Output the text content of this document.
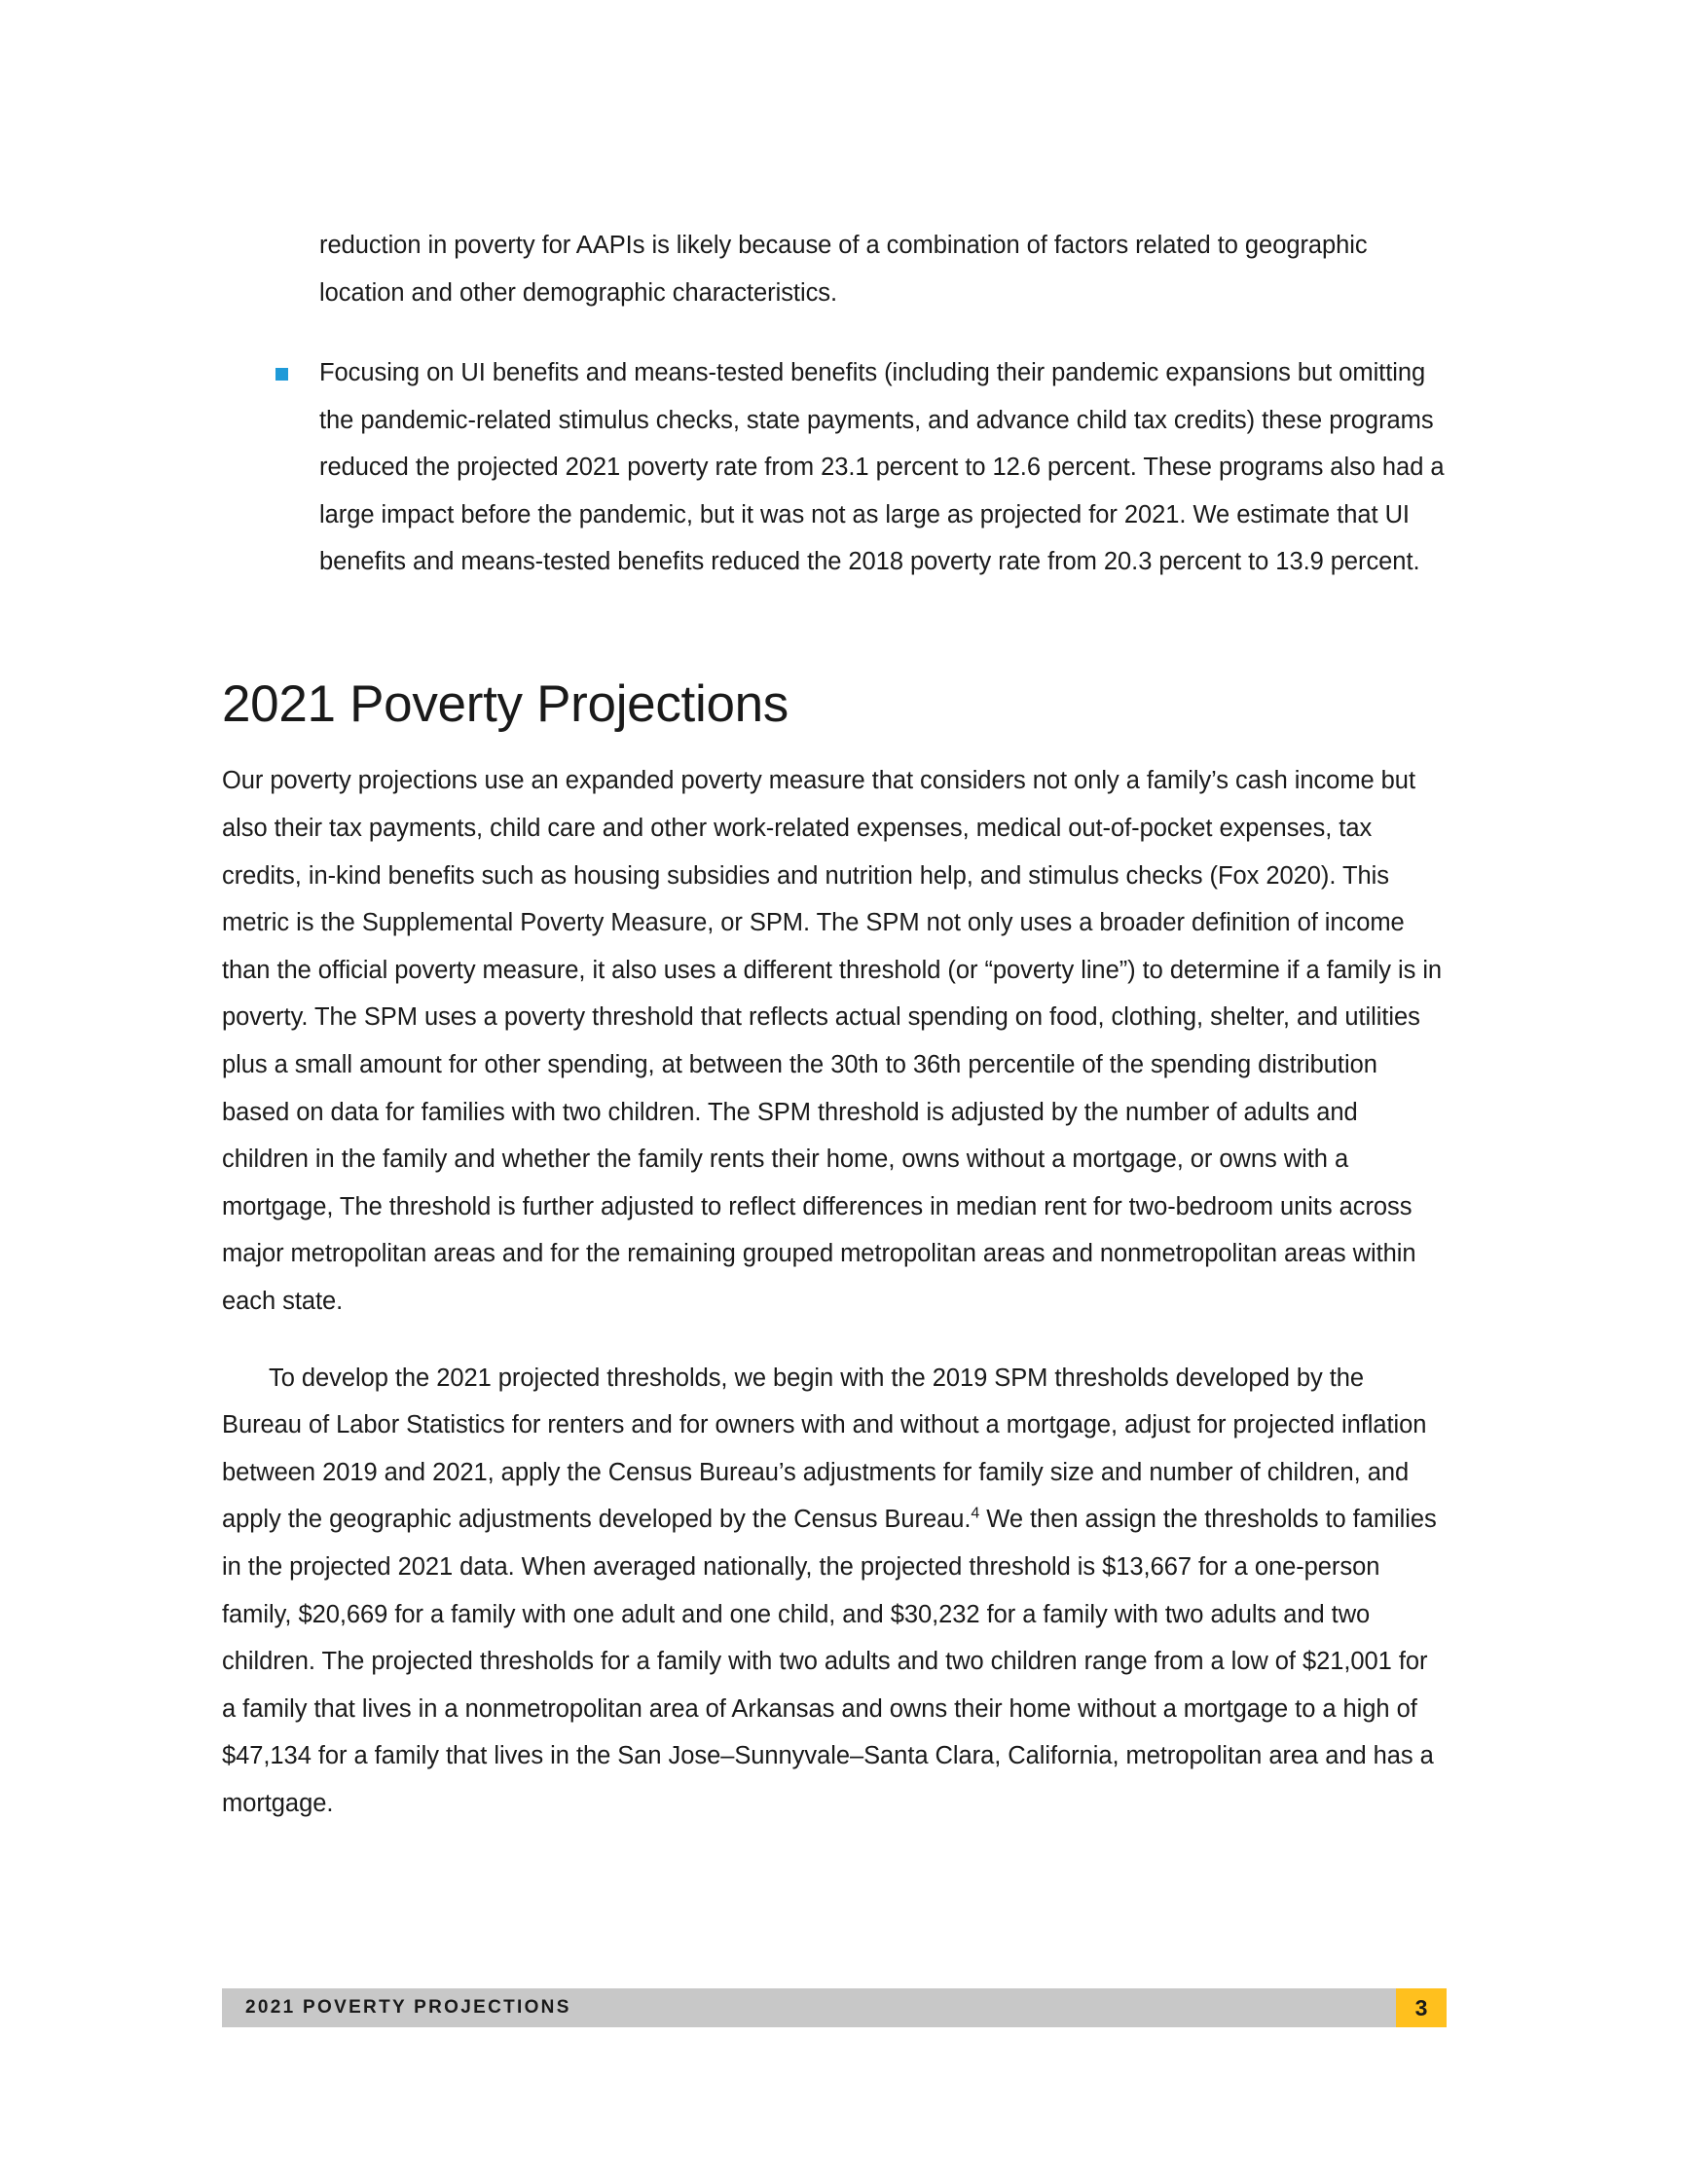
reduction in poverty for AAPIs is likely because of a combination of factors related to geographic location and other demographic characteristics.

Focusing on UI benefits and means-tested benefits (including their pandemic expansions but omitting the pandemic-related stimulus checks, state payments, and advance child tax credits) these programs reduced the projected 2021 poverty rate from 23.1 percent to 12.6 percent. These programs also had a large impact before the pandemic, but it was not as large as projected for 2021. We estimate that UI benefits and means-tested benefits reduced the 2018 poverty rate from 20.3 percent to 13.9 percent.
2021 Poverty Projections

Our poverty projections use an expanded poverty measure that considers not only a family’s cash income but also their tax payments, child care and other work-related expenses, medical out-of-pocket expenses, tax credits, in-kind benefits such as housing subsidies and nutrition help, and stimulus checks (Fox 2020). This metric is the Supplemental Poverty Measure, or SPM. The SPM not only uses a broader definition of income than the official poverty measure, it also uses a different threshold (or “poverty line”) to determine if a family is in poverty. The SPM uses a poverty threshold that reflects actual spending on food, clothing, shelter, and utilities plus a small amount for other spending, at between the 30th to 36th percentile of the spending distribution based on data for families with two children. The SPM threshold is adjusted by the number of adults and children in the family and whether the family rents their home, owns without a mortgage, or owns with a mortgage, The threshold is further adjusted to reflect differences in median rent for two-bedroom units across major metropolitan areas and for the remaining grouped metropolitan areas and nonmetropolitan areas within each state.

To develop the 2021 projected thresholds, we begin with the 2019 SPM thresholds developed by the Bureau of Labor Statistics for renters and for owners with and without a mortgage, adjust for projected inflation between 2019 and 2021, apply the Census Bureau’s adjustments for family size and number of children, and apply the geographic adjustments developed by the Census Bureau.$^4$ We then assign the thresholds to families in the projected 2021 data. When averaged nationally, the projected threshold is $13,667 for a one-person family, $20,669 for a family with one adult and one child, and $30,232 for a family with two adults and two children. The projected thresholds for a family with two adults and two children range from a low of $21,001 for a family that lives in a nonmetropolitan area of Arkansas and owns their home without a mortgage to a high of $47,134 for a family that lives in the San Jose–Sunnyvale–Santa Clara, California, metropolitan area and has a mortgage.

2021 POVERTY PROJECTIONS	3
